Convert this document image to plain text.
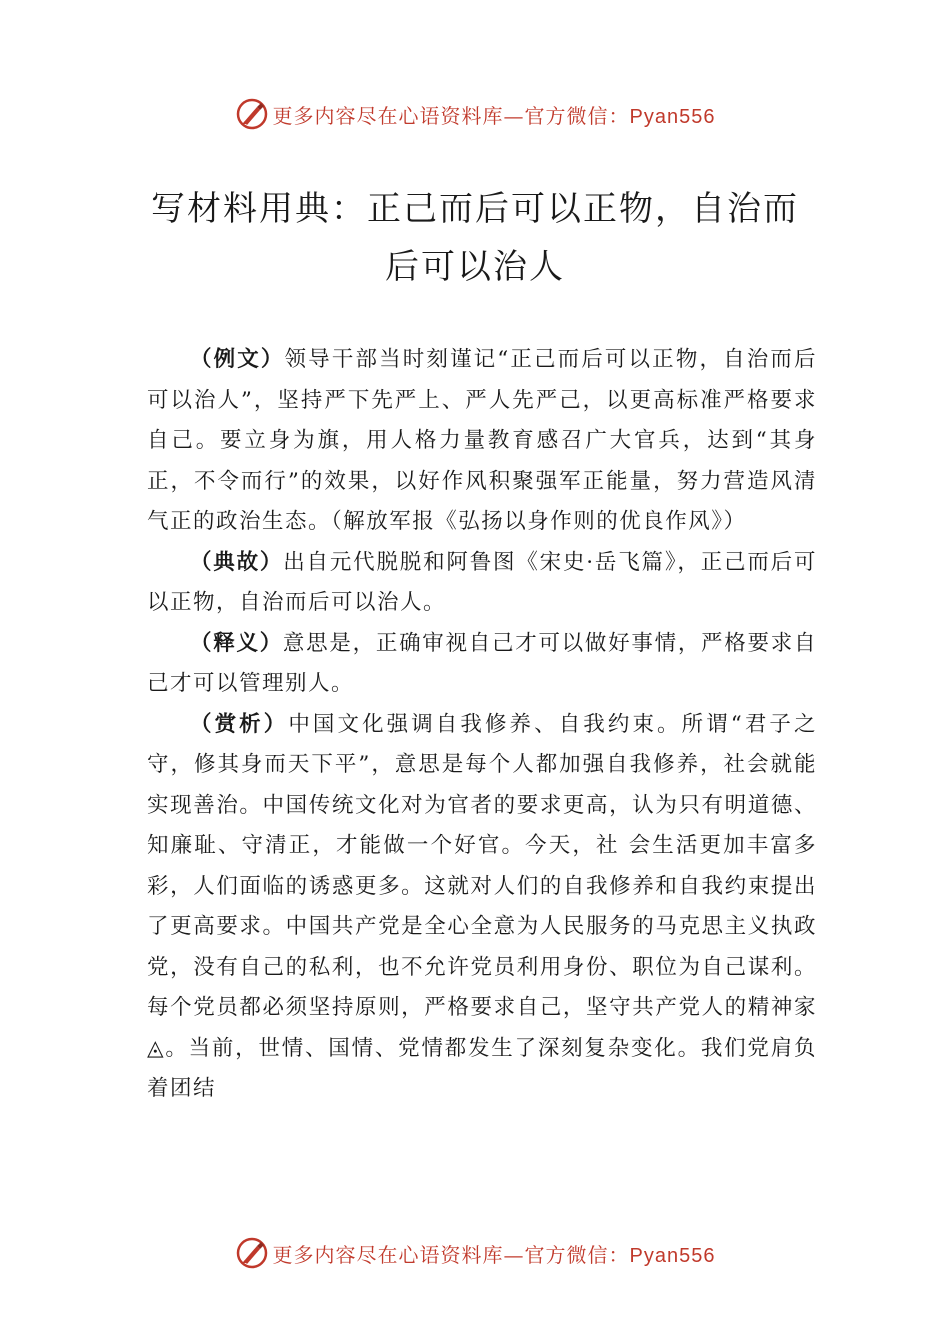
更多内容尽在心语资料库—官方微信：Pyan556
写材料用典：正己而后可以正物，自治而
后可以治人

（例文）领导干部当时刻谨记“正己而后可以正物，自治而后可以治人”，坚持严下先严上、严人先严己，以更高标准严格要求自己。要立身为旗，用人格力量教育感召广大官兵，达到“其身正，不令而行”的效果，以好作风积聚强军正能量，努力营造风清气正的政治生态。（解放军报《弘扬以身作则的优良作风》）

（典故）出自元代脱脱和阿鲁图《宋史·岳飞篇》，正己而后可以正物，自治而后可以治人。

（释义）意思是，正确审视自己才可以做好事情，严格要求自己才可以管理别人。

（赏析）中国文化强调自我修养、自我约束。所谓“君子之守，修其身而天下平”，意思是每个人都加强自我修养，社会就能实现善治。中国传统文化对为官者的要求更高，认为只有明道德、知廉耻、守清正，才能做一个好官。今天，社 会生活更加丰富多彩，人们面临的诱惑更多。这就对人们的自我修养和自我约束提出了更高要求。中国共产党是全心全意为人民服务的马克思主义执政党，没有自己的私利，也不允许党员利用身份、职位为自己谋利。每个党员都必须坚持原则，严格要求自己，坚守共产党人的精神家◬。当前，世情、国情、党情都发生了深刻复杂变化。我们党肩负着团结

更多内容尽在心语资料库—官方微信：Pyan556
